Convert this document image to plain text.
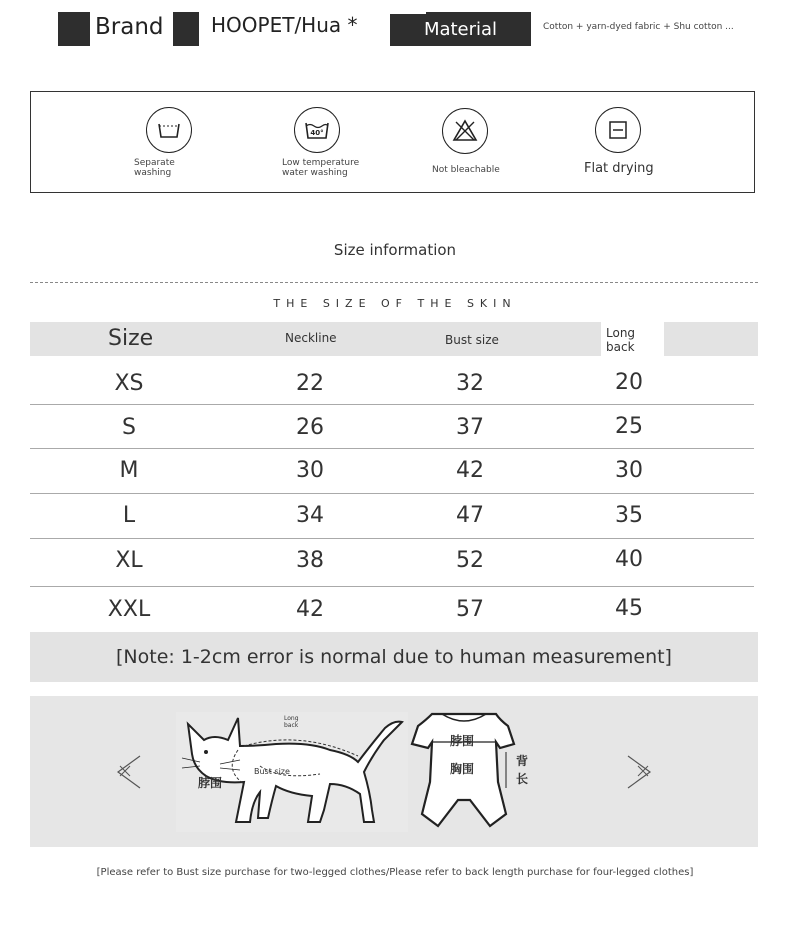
Brand HOOPET/Hua *	Material	Cotton + yarn-dyed fabric + Shu cotton ...
Separate
washing
40°
Low temperature
water washing	Not bleachable	Flat drying
Size information
THE SIZE OF THE SKIN
Size	Neckline	Bust size	Long
back
XS	22	32	20
S	26	37	25
M	30	42	30
L	34	47	35
XL	38	52	40
XXL	42	57	45
[Note: 1-2cm error is normal due to human measurement]
脖围
Bust size
Long
back
脖围
胸围
背
长
[Please refer to Bust size purchase for two-legged clothes/Please refer to back length purchase for four-legged clothes]
